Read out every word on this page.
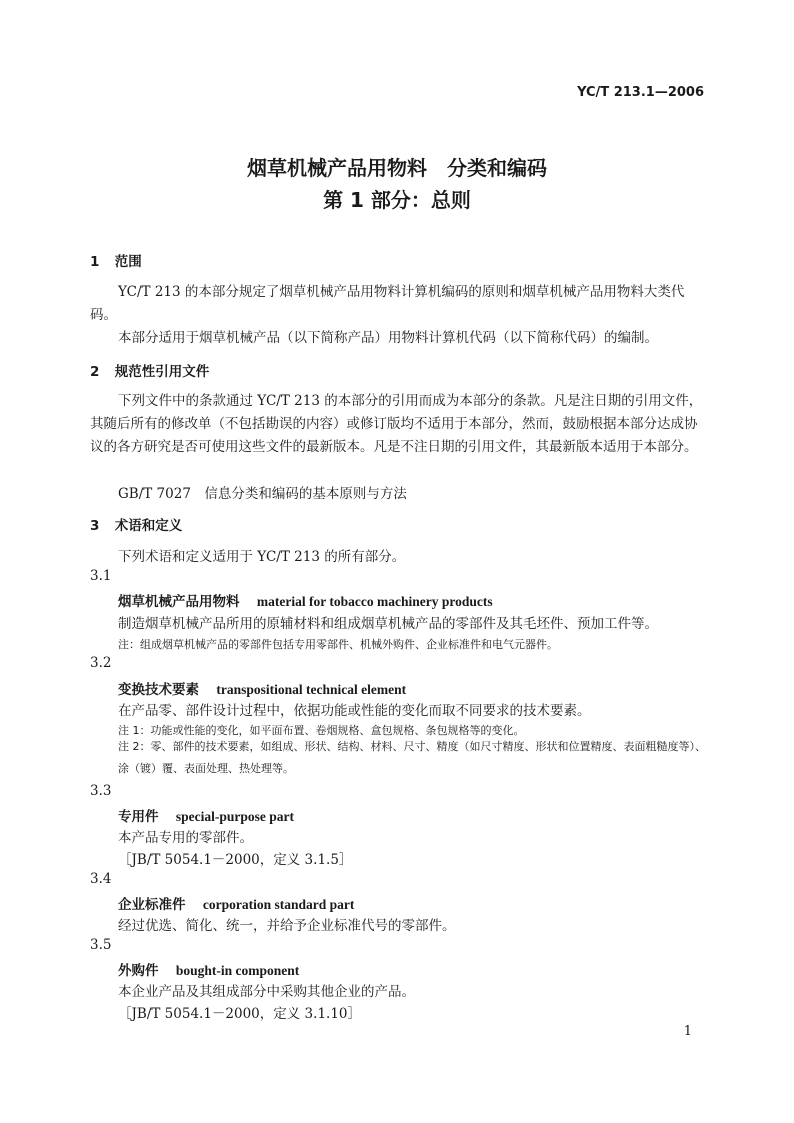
YC/T 213.1—2006
烟草机械产品用物料　分类和编码
第 1 部分：总则
1 范围
YC/T 213 的本部分规定了烟草机械产品用物料计算机编码的原则和烟草机械产品用物料大类代码。
本部分适用于烟草机械产品（以下简称产品）用物料计算机代码（以下简称代码）的编制。
2 规范性引用文件
下列文件中的条款通过 YC/T 213 的本部分的引用而成为本部分的条款。凡是注日期的引用文件，其随后所有的修改单（不包括勘误的内容）或修订版均不适用于本部分，然而，鼓励根据本部分达成协议的各方研究是否可使用这些文件的最新版本。凡是不注日期的引用文件，其最新版本适用于本部分。
GB/T 7027　信息分类和编码的基本原则与方法
3 术语和定义
下列术语和定义适用于 YC/T 213 的所有部分。
3.1
烟草机械产品用物料 material for tobacco machinery products
制造烟草机械产品所用的原辅材料和组成烟草机械产品的零部件及其毛坯件、预加工件等。
注：组成烟草机械产品的零部件包括专用零部件、机械外购件、企业标准件和电气元器件。
3.2
变换技术要素 transpositional technical element
在产品零、部件设计过程中，依据功能或性能的变化而取不同要求的技术要素。
注 1：功能或性能的变化，如平面布置、卷烟规格、盒包规格、条包规格等的变化。
注 2：零、部件的技术要素，如组成、形状、结构、材料、尺寸、精度（如尺寸精度、形状和位置精度、表面粗糙度等）、涂（镀）覆、表面处理、热处理等。
3.3
专用件 special-purpose part
本产品专用的零部件。
［JB/T 5054.1－2000，定义 3.1.5］
3.4
企业标准件 corporation standard part
经过优选、简化、统一，并给予企业标准代号的零部件。
3.5
外购件 bought-in component
本企业产品及其组成部分中采购其他企业的产品。
［JB/T 5054.1－2000，定义 3.1.10］
1
